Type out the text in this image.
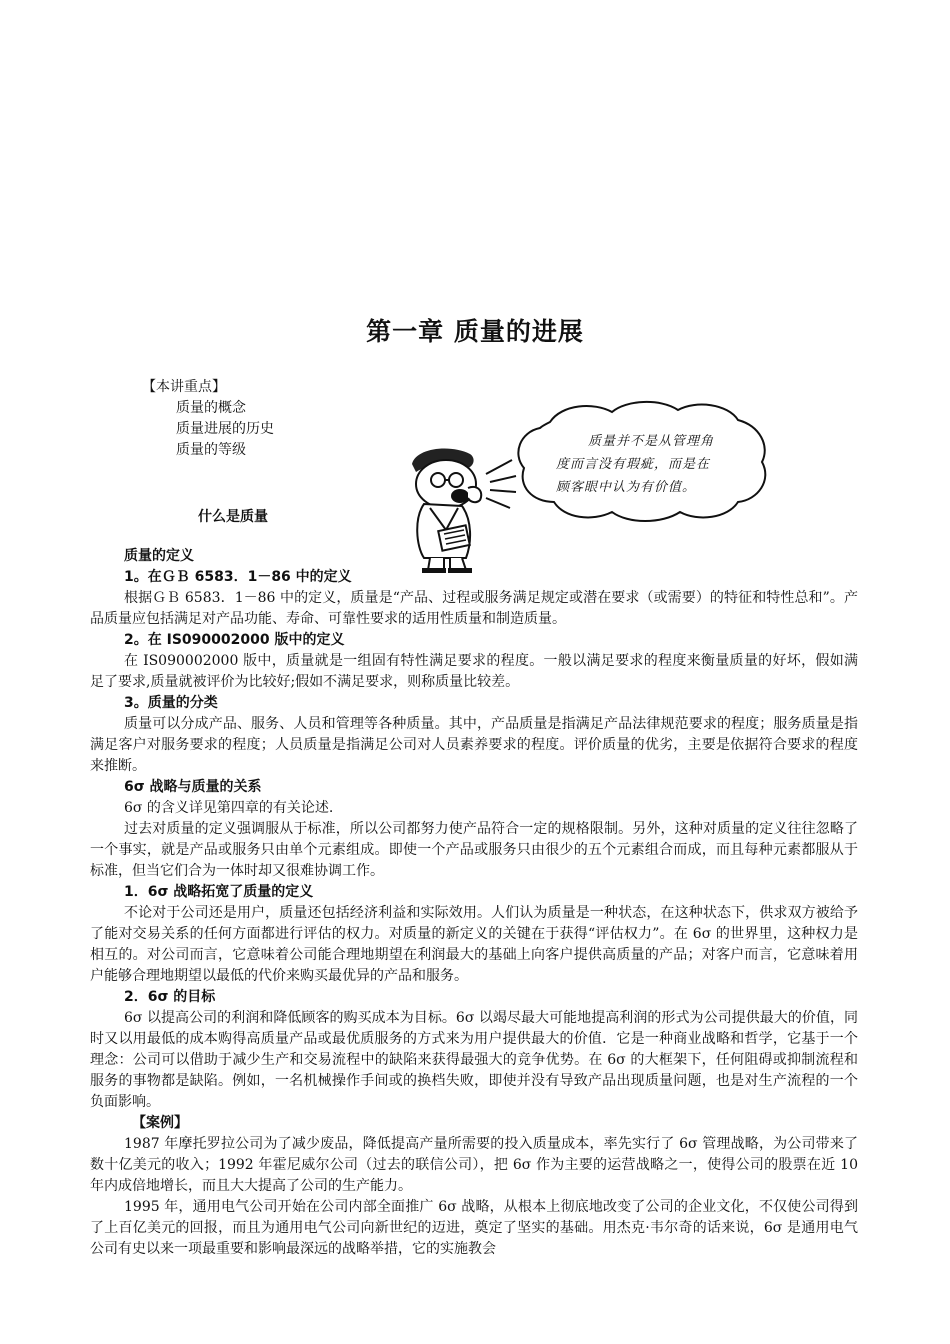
第一章 质量的进展
【本讲重点】
质量的概念
质量进展的历史
质量的等级
质量并不是从管理角
度而言没有瑕疵，而是在
顾客眼中认为有价值。
什么是质量
质量的定义
1。在ＧＢ 6583．1－86 中的定义

根据ＧＢ 6583．1－86 中的定义，质量是“产品、过程或服务满足规定或潜在要求（或需要）的特征和特性总和”。产品质量应包括满足对产品功能、寿命、可靠性要求的适用性质量和制造质量。

2。在 IS090002000 版中的定义

在 IS090002000 版中，质量就是一组固有特性满足要求的程度。一般以满足要求的程度来衡量质量的好坏，假如满足了要求,质量就被评价为比较好;假如不满足要求，则称质量比较差。

3。质量的分类

质量可以分成产品、服务、人员和管理等各种质量。其中，产品质量是指满足产品法律规范要求的程度；服务质量是指满足客户对服务要求的程度；人员质量是指满足公司对人员素养要求的程度。评价质量的优劣，主要是依据符合要求的程度来推断。

6σ 战略与质量的关系

6σ 的含义详见第四章的有关论述.

过去对质量的定义强调服从于标准，所以公司都努力使产品符合一定的规格限制。另外，这种对质量的定义往往忽略了一个事实，就是产品或服务只由单个元素组成。即使一个产品或服务只由很少的五个元素组合而成，而且每种元素都服从于标准，但当它们合为一体时却又很难协调工作。

1．6σ 战略拓宽了质量的定义

不论对于公司还是用户，质量还包括经济利益和实际效用。人们认为质量是一种状态，在这种状态下，供求双方被给予了能对交易关系的任何方面都进行评估的权力。对质量的新定义的关键在于获得“评估权力”。在 6σ 的世界里，这种权力是相互的。对公司而言，它意味着公司能合理地期望在利润最大的基础上向客户提供高质量的产品；对客户而言，它意味着用户能够合理地期望以最低的代价来购买最优异的产品和服务。

2．6σ 的目标

6σ 以提高公司的利润和降低顾客的购买成本为目标。6σ 以竭尽最大可能地提高利润的形式为公司提供最大的价值，同时又以用最低的成本购得高质量产品或最优质服务的方式来为用户提供最大的价值．它是一种商业战略和哲学，它基于一个理念：公司可以借助于减少生产和交易流程中的缺陷来获得最强大的竞争优势。在 6σ 的大框架下，任何阻碍或抑制流程和服务的事物都是缺陷。例如，一名机械操作手间或的换档失败，即使并没有导致产品出现质量问题，也是对生产流程的一个负面影响。

【案例】

1987 年摩托罗拉公司为了减少废品，降低提高产量所需要的投入质量成本，率先实行了 6σ 管理战略，为公司带来了数十亿美元的收入；1992 年霍尼威尔公司（过去的联信公司），把 6σ 作为主要的运营战略之一，使得公司的股票在近 10 年内成倍地增长，而且大大提高了公司的生产能力。

1995 年，通用电气公司开始在公司内部全面推广 6σ 战略，从根本上彻底地改变了公司的企业文化，不仅使公司得到了上百亿美元的回报，而且为通用电气公司向新世纪的迈进，奠定了坚实的基础。用杰克·韦尔奇的话来说，6σ 是通用电气公司有史以来一项最重要和影响最深远的战略举措，它的实施教会
